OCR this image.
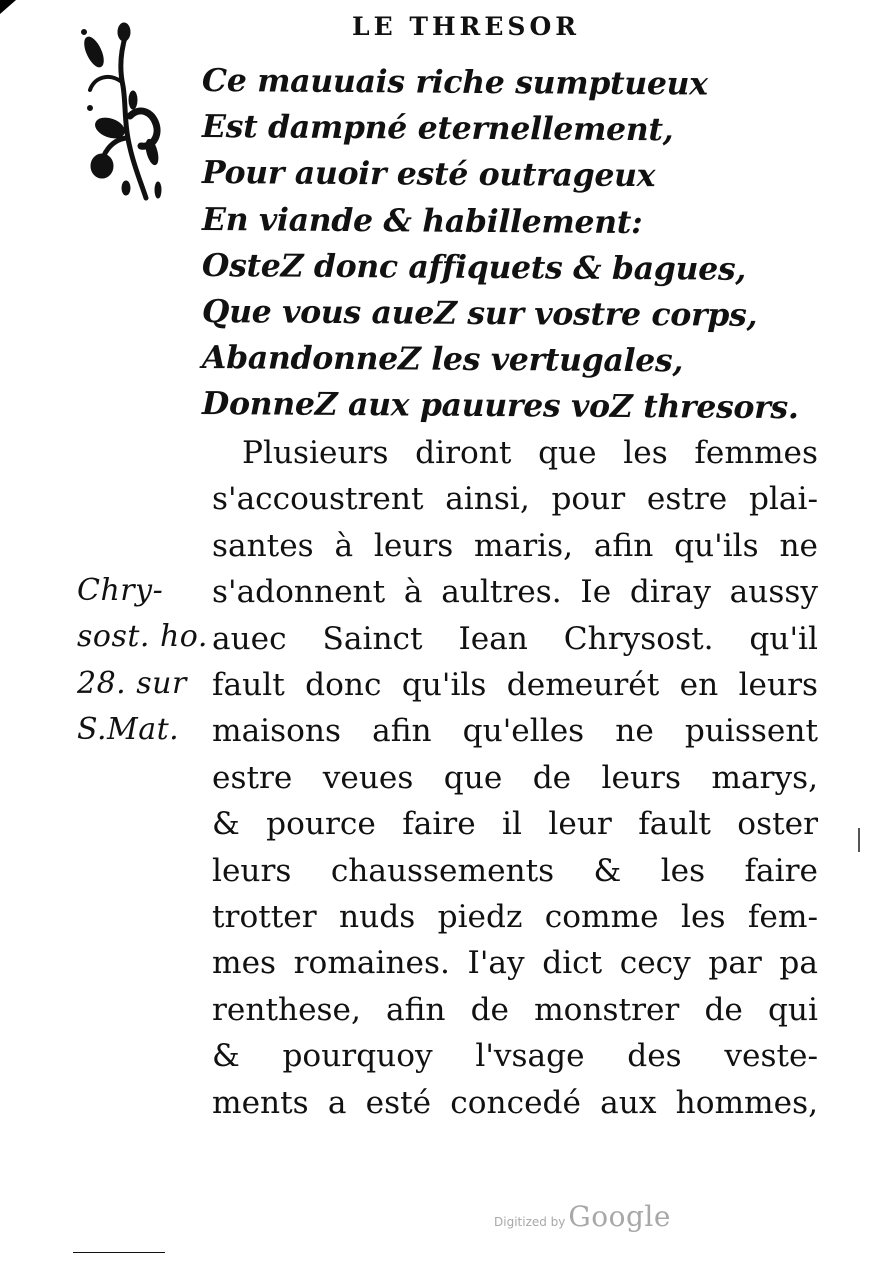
LE THRESOR
Ce mauuais riche sumptueux
Est dampné eternellement,
Pour auoir esté outrageux
En viande & habillement:
OsteZ donc affiquets & bagues,
Que vous aueZ sur vostre corps,
AbandonneZ les vertugales,
DonneZ aux pauures voZ thresors.
Chry-
sost. ho.
28. sur
S.Mat.
Plusieurs diront que les femmes
s'accoustrent ainsi, pour estre plai-
santes à leurs maris, afin qu'ils ne
s'adonnent à aultres. Ie diray aussy
auec Sainct Iean Chrysost. qu'il
fault donc qu'ils demeurét en leurs
maisons afin qu'elles ne puissent
estre veues que de leurs marys,
& pource faire il leur fault oster
leurs chaussements & les faire
trotter nuds piedz comme les fem-
mes romaines. I'ay dict cecy par pa
renthese, afin de monstrer de qui
& pourquoy l'vsage des veste-
ments a esté concedé aux hommes,
Digitized by Google
